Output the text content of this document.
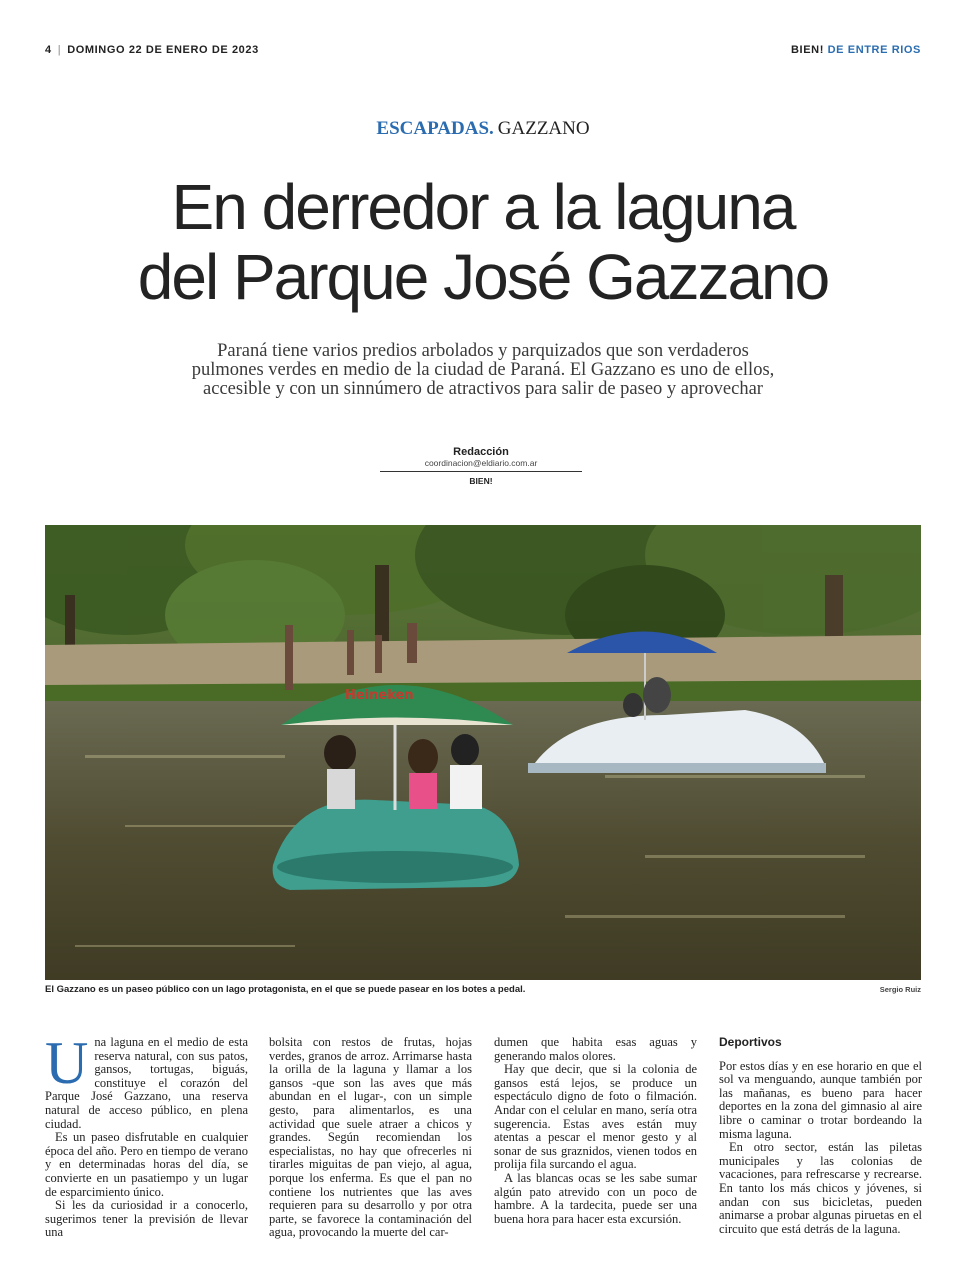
4 | DOMINGO 22 DE ENERO DE 2023	BIEN! DE ENTRE RIOS
ESCAPADAS. GAZZANO
En derredor a la laguna
del Parque José Gazzano

Paraná tiene varios predios arbolados y parquizados que son verdaderos
pulmones verdes en medio de la ciudad de Paraná. El Gazzano es uno de ellos,
accesible y con un sinnúmero de atractivos para salir de paseo y aprovechar

Redacción
coordinacion@eldiario.com.ar
BIEN!
Heineken
El Gazzano es un paseo público con un lago protagonista, en el que se puede pasear en los botes a pedal.	Sergio Ruiz

Una laguna en el medio de esta reserva natural, con sus patos, gansos, tortugas, biguás, constituye el corazón del Parque José Gazzano, una reserva natural de acceso público, en plena ciudad.

Es un paseo disfrutable en cualquier época del año. Pero en tiempo de verano y en determinadas horas del día, se convierte en un pasatiempo y un lugar de esparcimiento único.

Si les da curiosidad ir a conocerlo, sugerimos tener la previsión de llevar una

bolsita con restos de frutas, hojas verdes, granos de arroz. Arrimarse hasta la orilla de la laguna y llamar a los gansos -que son las aves que más abundan en el lugar-, con un simple gesto, para alimentarlos, es una actividad que suele atraer a chicos y grandes. Según recomiendan los especialistas, no hay que ofrecerles ni tirarles miguitas de pan viejo, al agua, porque los enferma. Es que el pan no contiene los nutrientes que las aves requieren para su desarrollo y por otra parte, se favorece la contaminación del agua, provocando la muerte del car-

dumen que habita esas aguas y generando malos olores.

Hay que decir, que si la colonia de gansos está lejos, se produce un espectáculo digno de foto o filmación. Andar con el celular en mano, sería otra sugerencia. Estas aves están muy atentas a pescar el menor gesto y al sonar de sus graznidos, vienen todos en prolija fila surcando el agua.

A las blancas ocas se les sabe sumar algún pato atrevido con un poco de hambre. A la tardecita, puede ser una buena hora para hacer esta excursión.

Deportivos

Por estos días y en ese horario en que el sol va menguando, aunque también por las mañanas, es bueno para hacer deportes en la zona del gimnasio al aire libre o caminar o trotar bordeando la misma laguna.

En otro sector, están las piletas municipales y las colonias de vacaciones, para refrescarse y recrearse. En tanto los más chicos y jóvenes, si andan con sus bicicletas, pueden animarse a probar algunas piruetas en el circuito que está detrás de la laguna.
